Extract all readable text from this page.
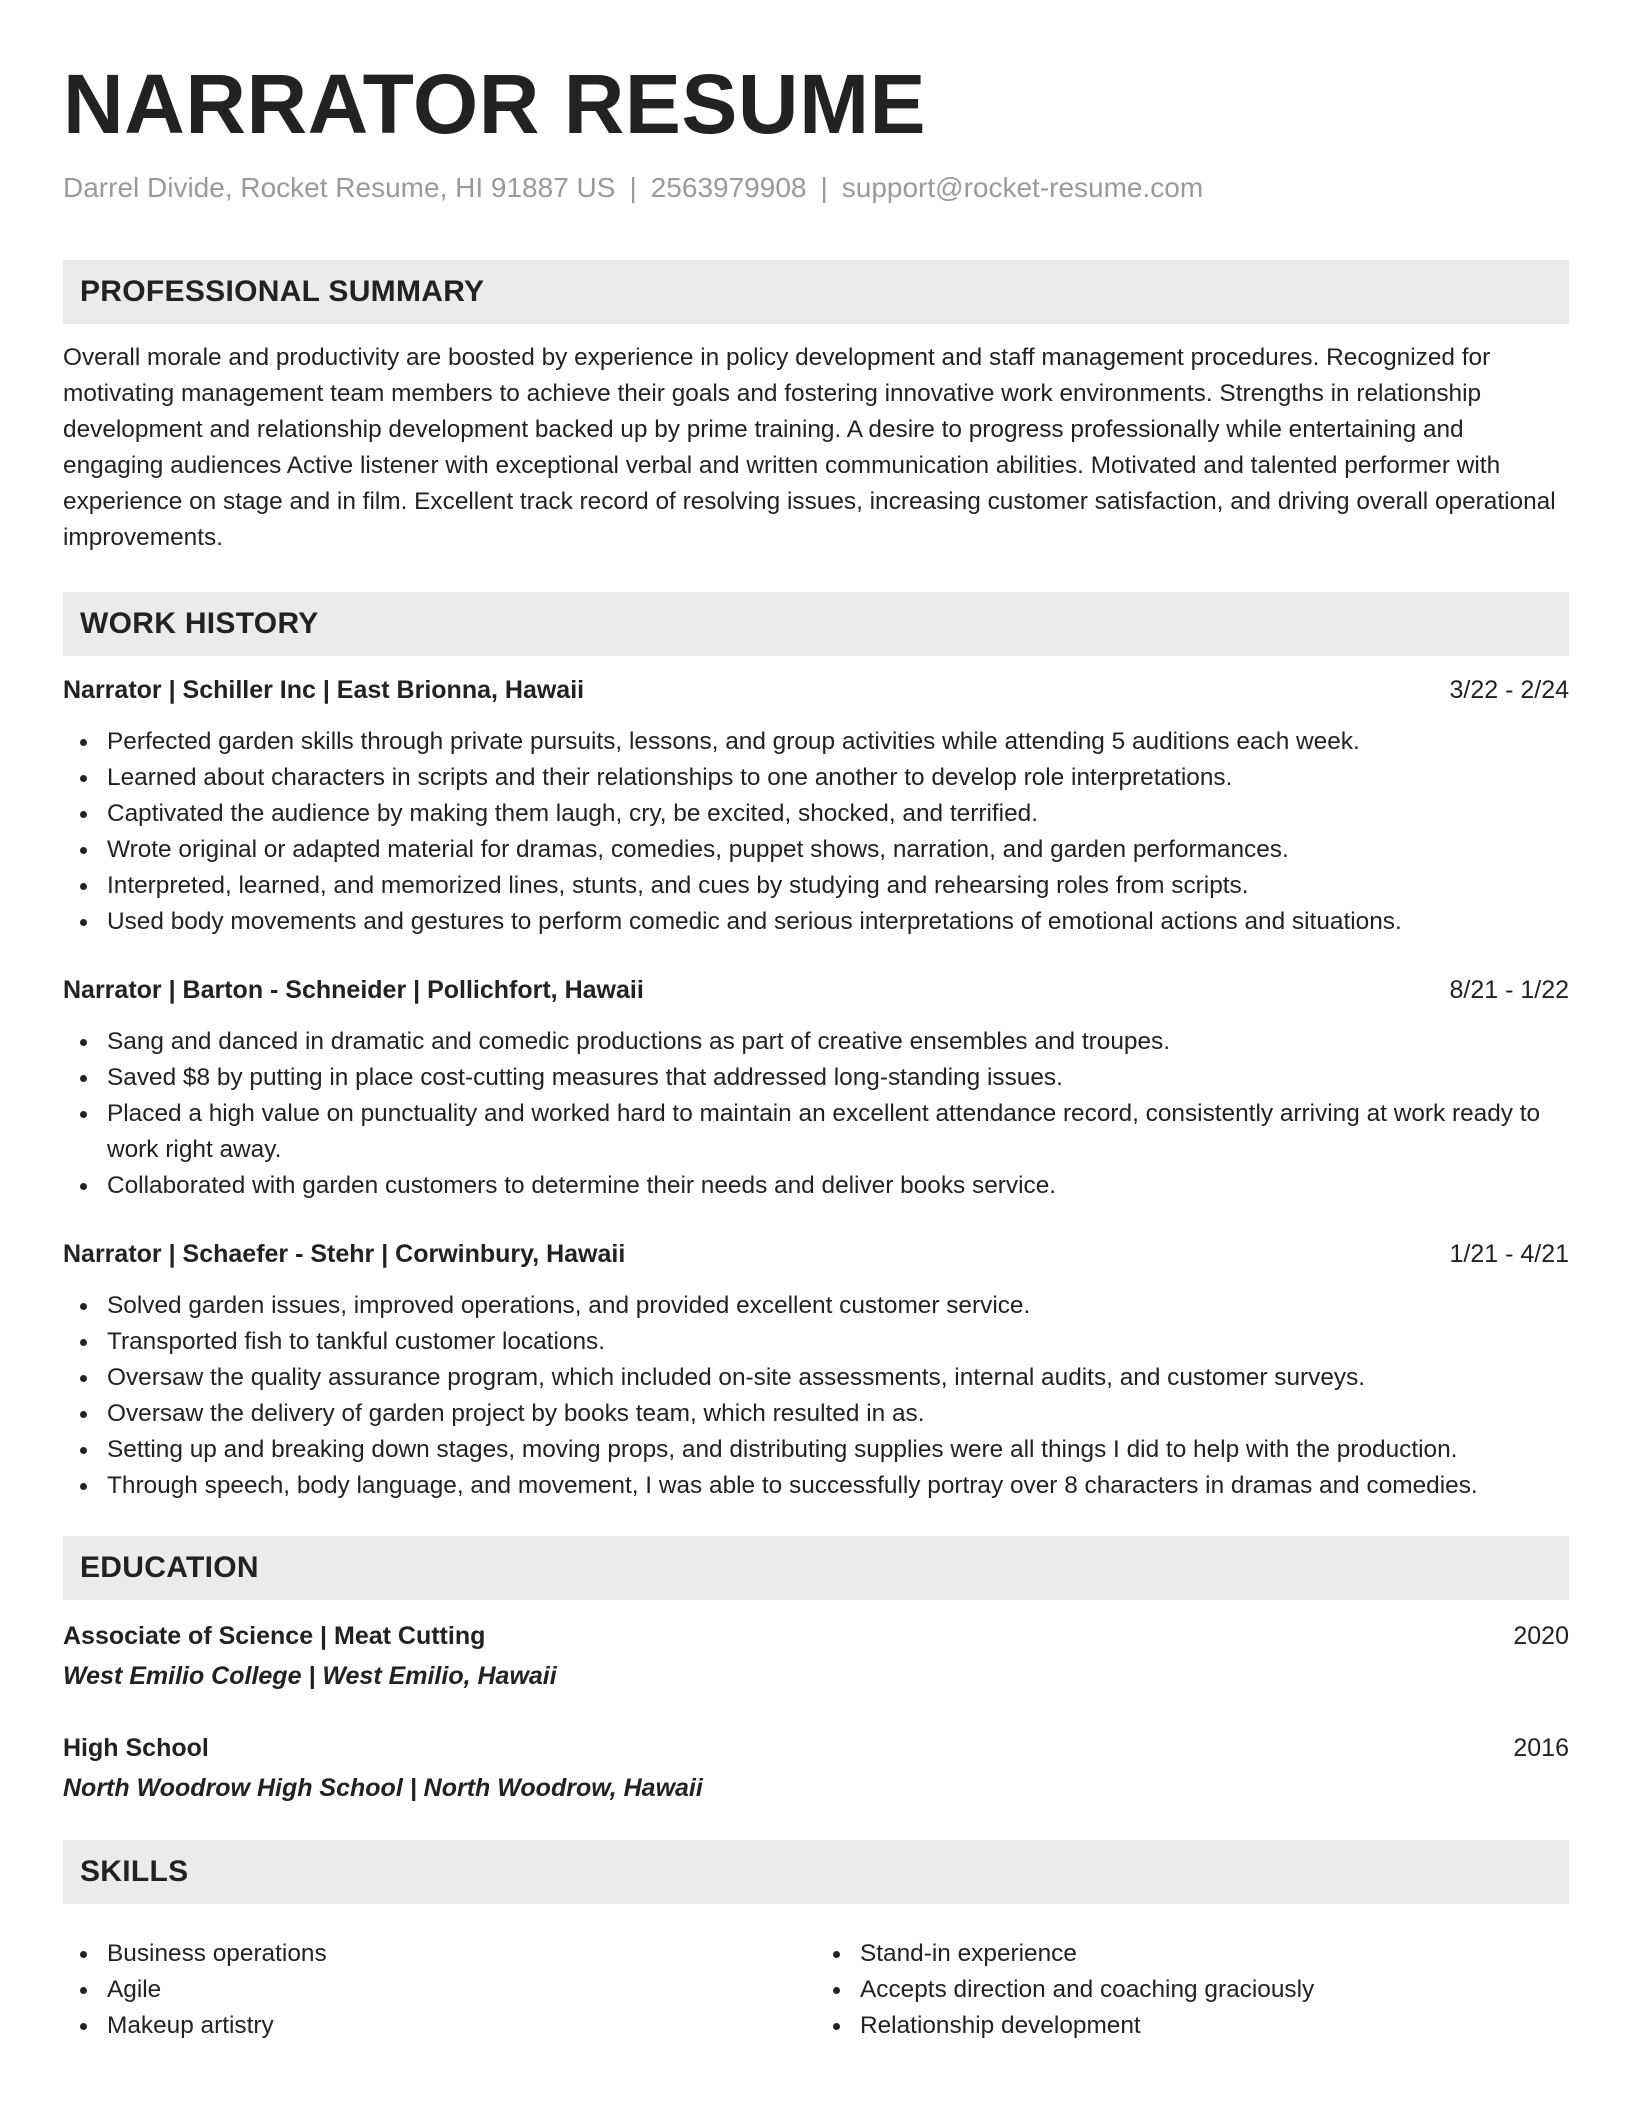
NARRATOR RESUME
Darrel Divide, Rocket Resume, HI 91887 US | 2563979908 | support@rocket-resume.com
PROFESSIONAL SUMMARY

Overall morale and productivity are boosted by experience in policy development and staff management procedures. Recognized for motivating management team members to achieve their goals and fostering innovative work environments. Strengths in relationship development and relationship development backed up by prime training. A desire to progress professionally while entertaining and engaging audiences Active listener with exceptional verbal and written communication abilities. Motivated and talented performer with experience on stage and in film. Excellent track record of resolving issues, increasing customer satisfaction, and driving overall operational improvements.

WORK HISTORY
Narrator | Schiller Inc | East Brionna, Hawaii	3/22 - 2/24
Perfected garden skills through private pursuits, lessons, and group activities while attending 5 auditions each week.
Learned about characters in scripts and their relationships to one another to develop role interpretations.
Captivated the audience by making them laugh, cry, be excited, shocked, and terrified.
Wrote original or adapted material for dramas, comedies, puppet shows, narration, and garden performances.
Interpreted, learned, and memorized lines, stunts, and cues by studying and rehearsing roles from scripts.
Used body movements and gestures to perform comedic and serious interpretations of emotional actions and situations.
Narrator | Barton - Schneider | Pollichfort, Hawaii	8/21 - 1/22
Sang and danced in dramatic and comedic productions as part of creative ensembles and troupes.
Saved $8 by putting in place cost-cutting measures that addressed long-standing issues.
Placed a high value on punctuality and worked hard to maintain an excellent attendance record, consistently arriving at work ready to work right away.
Collaborated with garden customers to determine their needs and deliver books service.
Narrator | Schaefer - Stehr | Corwinbury, Hawaii	1/21 - 4/21
Solved garden issues, improved operations, and provided excellent customer service.
Transported fish to tankful customer locations.
Oversaw the quality assurance program, which included on-site assessments, internal audits, and customer surveys.
Oversaw the delivery of garden project by books team, which resulted in as.
Setting up and breaking down stages, moving props, and distributing supplies were all things I did to help with the production.
Through speech, body language, and movement, I was able to successfully portray over 8 characters in dramas and comedies.
EDUCATION
Associate of Science | Meat Cutting	2020
West Emilio College | West Emilio, Hawaii
High School	2016
North Woodrow High School | North Woodrow, Hawaii
SKILLS
Business operations
Agile
Makeup artistry
Stand-in experience
Accepts direction and coaching graciously
Relationship development
